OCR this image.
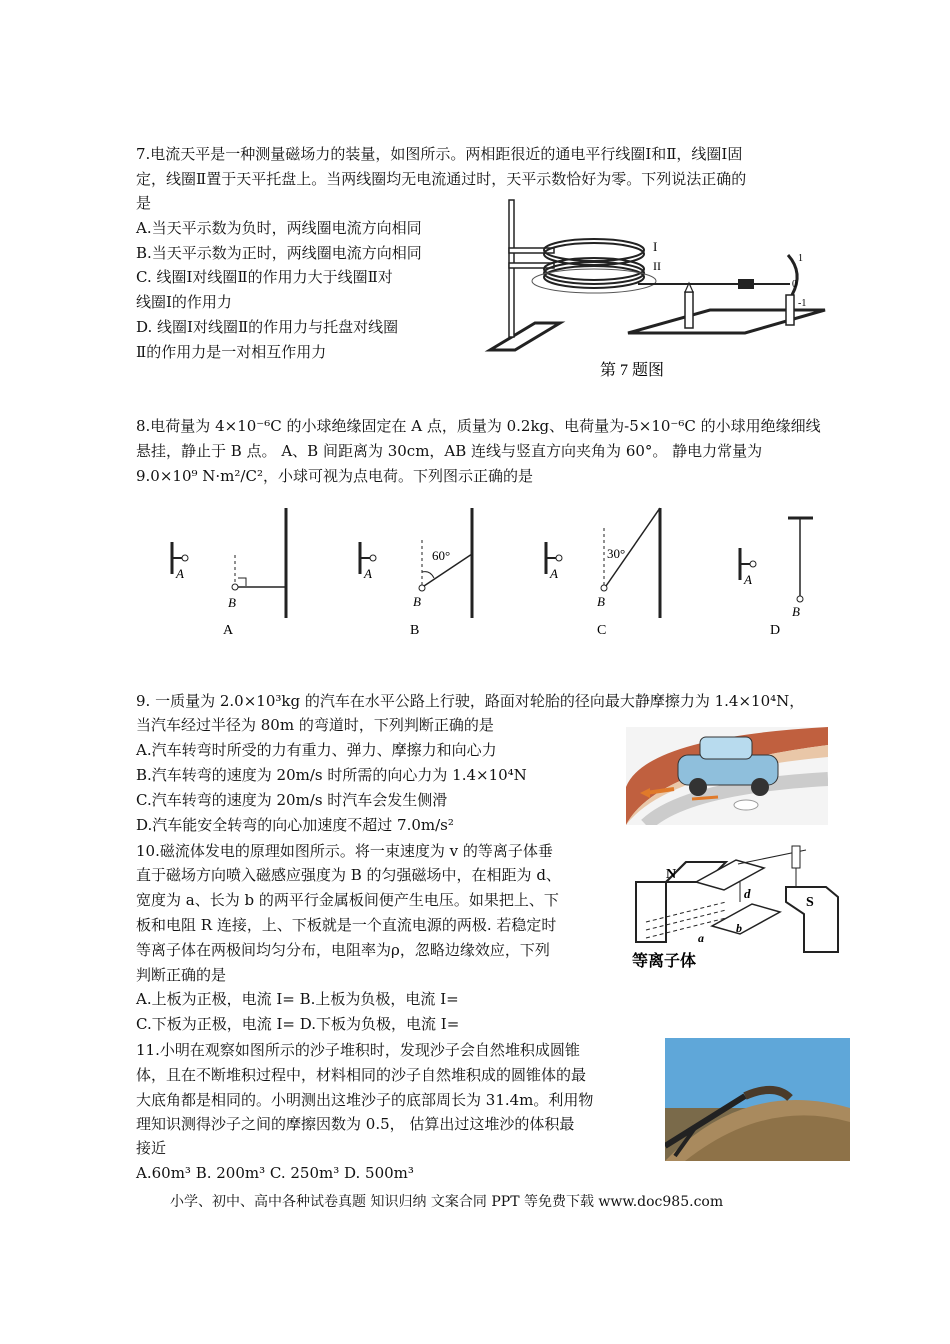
7.电流天平是一种测量磁场力的装量，如图所示。两相距很近的通电平行线圈Ⅰ和Ⅱ，线圈Ⅰ固
定，线圈Ⅱ置于天平托盘上。当两线圈均无电流通过时，天平示数恰好为零。下列说法正确的
是
A.当天平示数为负时，两线圈电流方向相同
B.当天平示数为正时，两线圈电流方向相同
C. 线圈Ⅰ对线圈Ⅱ的作用力大于线圈Ⅱ对
线圈Ⅰ的作用力
D. 线圈Ⅰ对线圈Ⅱ的作用力与托盘对线圈
Ⅱ的作用力是一对相互作用力
I
II
1
0
-1
第 7 题图
8.电荷量为 4×10⁻⁶C 的小球绝缘固定在 A 点，质量为 0.2kg、电荷量为-5×10⁻⁶C 的小球用绝缘细线
悬挂，静止于 B 点。 A、B 间距离为 30cm，AB 连线与竖直方向夹角为 60°。 静电力常量为
9.0×10⁹ N·m²/C²，小球可视为点电荷。下列图示正确的是
A
B
A
A
60°
B
B
A
30°
B
C
A
B
D
9. 一质量为 2.0×10³kg 的汽车在水平公路上行驶，路面对轮胎的径向最大静摩擦力为 1.4×10⁴N，
当汽车经过半径为 80m 的弯道时，下列判断正确的是
A.汽车转弯时所受的力有重力、弹力、摩擦力和向心力
B.汽车转弯的速度为 20m/s 时所需的向心力为 1.4×10⁴N
C.汽车转弯的速度为 20m/s 时汽车会发生侧滑
D.汽车能安全转弯的向心加速度不超过 7.0m/s²
10.磁流体发电的原理如图所示。将一束速度为 v 的等离子体垂
直于磁场方向喷入磁感应强度为 B 的匀强磁场中，在相距为 d、
宽度为 a、长为 b 的两平行金属板间便产生电压。如果把上、下
板和电阻 R 连接，上、下板就是一个直流电源的两极. 若稳定时
等离子体在两极间均匀分布，电阻率为ρ，忽略边缘效应，下列
判断正确的是
A.上板为正极，电流 I= B.上板为负极，电流 I=
C.下板为正极，电流 I= D.下板为负极，电流 I=
N
d
S
a
b
等离子体
11.小明在观察如图所示的沙子堆积时，发现沙子会自然堆积成圆锥
体，且在不断堆积过程中，材料相同的沙子自然堆积成的圆锥体的最
大底角都是相同的。小明测出这堆沙子的底部周长为 31.4m。利用物
理知识测得沙子之间的摩擦因数为 0.5， 估算出过这堆沙的体积最
接近
A.60m³ B. 200m³ C. 250m³ D. 500m³
小学、初中、高中各种试卷真题 知识归纳 文案合同 PPT 等免费下载 www.doc985.com
